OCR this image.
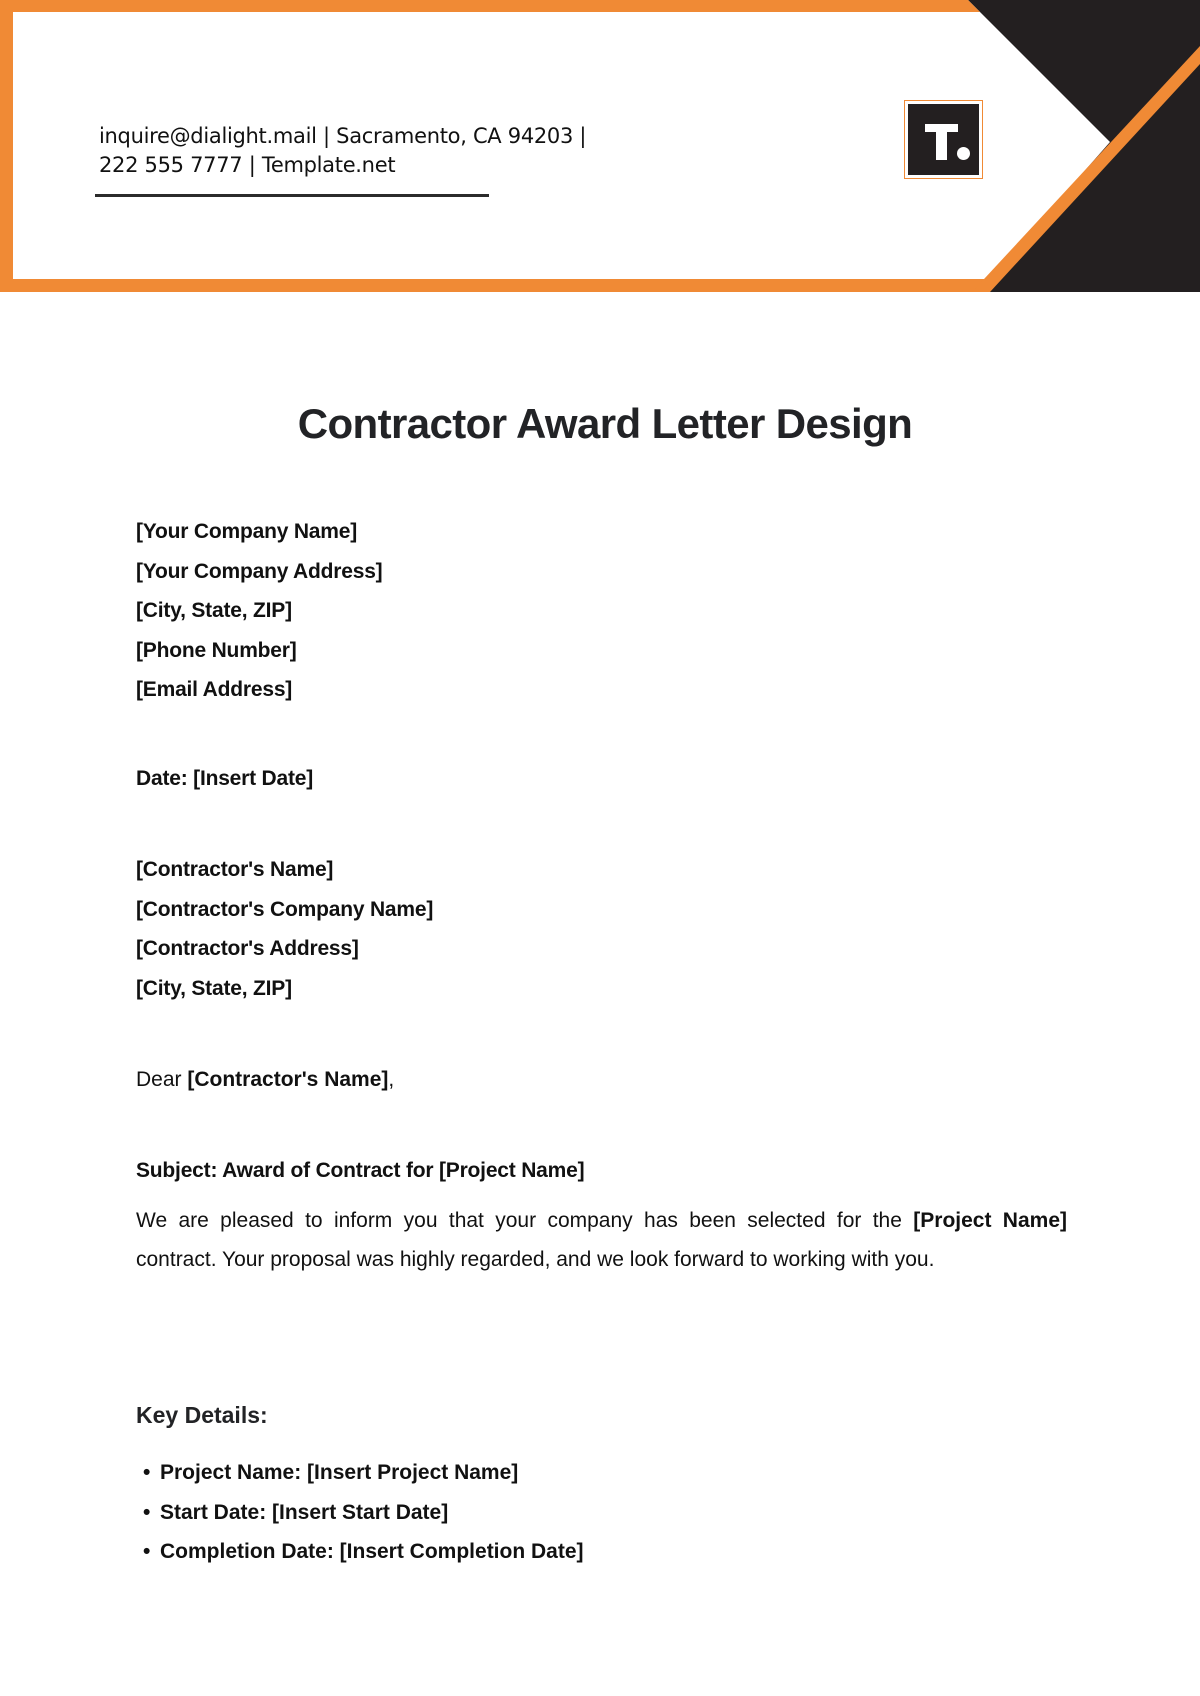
inquire@dialight.mail | Sacramento, CA 94203 |
222 555 7777 | Template.net
Contractor Award Letter Design
[Your Company Name]
[Your Company Address]
[City, State, ZIP]
[Phone Number]
[Email Address]
Date: [Insert Date]
[Contractor's Name]
[Contractor's Company Name]
[Contractor's Address]
[City, State, ZIP]
Dear [Contractor's Name],
Subject: Award of Contract for [Project Name]
We are pleased to inform you that your company has been selected for the [Project Name] contract. Your proposal was highly regarded, and we look forward to working with you.
Key Details:
• Project Name: [Insert Project Name]
• Start Date: [Insert Start Date]
• Completion Date: [Insert Completion Date]
